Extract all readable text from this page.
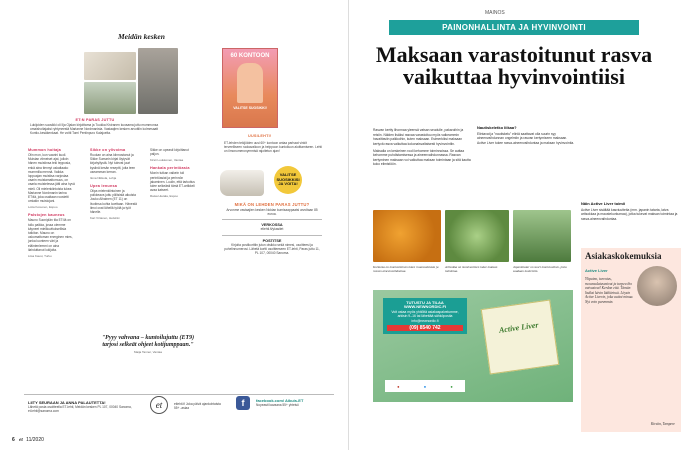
Meidän kesken
ET:N PARAS JUTTU
Lukijoiden suosikki oli Ilja Ojalan kirjoittama ja Tuukka Kiviranen kuvaama juttu mummonsa omaishoitajaksi ryhtyneestä Marianne Nordmanista. Vastaajien kesken arvottiin kolmesaatt Kontio-kesäkenkaat. He voitti Tomi Pentinpuro Kalajoelta.
60 KONTOON
VALITSE SUOSIKKI!
UUSILEHTI!
ET-lehden tekijöiden uusi 60+ kontoon antaa parhaat vinkit terveelliseen ruokavalioon ja helppoon kuntoiluun aloittamiseen. Lehti on ilmonumeronymmisä rajoitetun ajan!
VALITSE SUOSIKKISI JA VOITA!
MIKÄ ON LEHDEN PARAS JUTTU?
Arvonme vastaajien kesken Nokian kumisaappaatsi arvoltaan 85 euroa.
VERKOSSA
etlehti.fi/ykasitet
POSTITSE
Kirjoita postikorttiin jutun otsikko sekä nimesi, osoitteesi ja puhelinnumerosi. Lähetä kortti osoitteeseen ET-lehti, Paras juttu 11, PL 107, 00040 Sanoma.
Mummon hoitaja

Olin mon, kun vaarini kuoli. Muistan viimeiset ajat, jolloin hänen muistinsa teki tepposia, enkä aina tiennyt uskaltaako mummilla mennä. Vaikka loppuajan muistisa varjostaa vaarin muistamattomuus, on vaarla muistelessa jätti aina hyvä mieli. Oli mielenkiintoista lukea Marianne Nordmanin tarina ET:ltä, joka osaltaan roostetti omiakin muistojani.

Lotta Kosunen, Espoo
Palstojen kauneus

Mauno Suoniplän tila ET:llä on tullu paikka, jossa olemme käyneet mielikuvituksellisia tutkiton. Mauno on uskomattoman energinen mies, jonka luonteen väri ja eläintenlemmi on aina ilahduttanut lukijoita.

Liisa Kausi, Turku
Sikke on ylivoima

Ruokan on aina kiinnostanut ja Sikke Sumarin kirjat löytyvät kirjahyllystä. Nyt tulevat juuri kysiinä kesän reseptit, joita teen useamman kerran.

Ilona Nikkola, Lohja
Upea lenunsa

Olipa mielenkiintoinen ja poikkeava juttu yöllisistä aikuista Jouko Alhainen (ET 11) on livotinsa kohta koettaan. Hänestä ilmoi ovat lähellä työtä ja työt hänelle.

Kari Virtanen, Helsinki

Sikke on upeasti kirjoittanut paljon.

Kirsti Luukkonen, Vantaa
Hankala perintöasia

Monin tutkan vaikein tuli perintöasiat ja perinnön jakaminen. Luulin, että tarkoitus tulee selkeästi tämä ET-artikkeli avaa katseet.

Raisa Hietala, Espoo
"Pyyy vahvana – kuntoilujuttu (ET9) tarjosi selkeät ohjeet kotijumppaan."
Maija Tanner, Vantaa
LIITY SEURAAN JA ANNA PALAUTETTA!
Lähetä posta osoitteella ET-lehti, Meidän kesken PL 107, 00040 Sanoma, et.lehti@sanoma.com
et	etlehti.fi Joka päivä ajankohtaista 55+ -asiaa
f	facebook.com/ Aikuis-ET
Nopeasti kavaana 55+ yhteisö
6 et 11/2020
MAINOS
PAINONHALLINTA JA HYVINVOINTI
Maksaan varastoitunut rasva vaikuttaa hyvinvointiisi

Rasvan kertty lihonnaa yleensä vatsan seudulle, pakaroihin ja reisiin. Näiden lisäksi rasvaa varastoituu myös vaikeammin havaittaviin paikkoihin, kuten maksaan. Esimerkiksi maksaan kertyvä rasva vaikuttaa kokonaisvaltaisesti hyvinvointiin.

Maksalla on keskeinen rooli kehomme toiminnoissa. Se auttaa kehomme puhdistamisessa ja aineenvaihdunnassa. Rasvan kertyminen maksaan voi vaikuttaa maksan toimintaan ja sitä kautta koko elimistöön.

Nautiskeletko liikaa?

Elintavat ja "nautiskelu" eliniä saattavat olla suurin syy aineenvaihdunnan ongelmiin ja rasvan kertymiseen maksaan. Active Liver tukee rasva-aineenvaihduntaa ja maksan hyvinvointia.

Näin Active Liver toimii

Active Liver sisältää kasviuutteita (mm. japanin tatarta, latva artisokkaa ja maustekurkumaa), jotka tukevat maksan toimintaa ja rasva-aineenvaihduntaa.

Kurkuma on monivaiteinen tukee ruuansulatusta ja rasvan aineenvaihduntaa.
Artisokka on monivuotinen tukee maksan toimintaa.
Japanintatar on suuri monivuotinen, josta saadaan tuotteisiin.
TUTUSTU JA TILAA WWW.NEWNORDIC.FI
Voit ostaa myös yhtiöltä asiakaspalvelumme, arkisin 9–16 tai lähettää sähköpostia info@newnordic.fi
(09) 8540 742	Active Liver
●	●	●
Asiakaskokemuksia
Active Liver
Ylipaino, turvotus, ruoansulatusvaivat ja turpea iho vaivasivat! Kerdon että. Tämän lisäksi kävin lääkärissä. Löysin Active Liverin, joka auttoi minua. Nyt voin paremmin.
Kirstin, Tampere
